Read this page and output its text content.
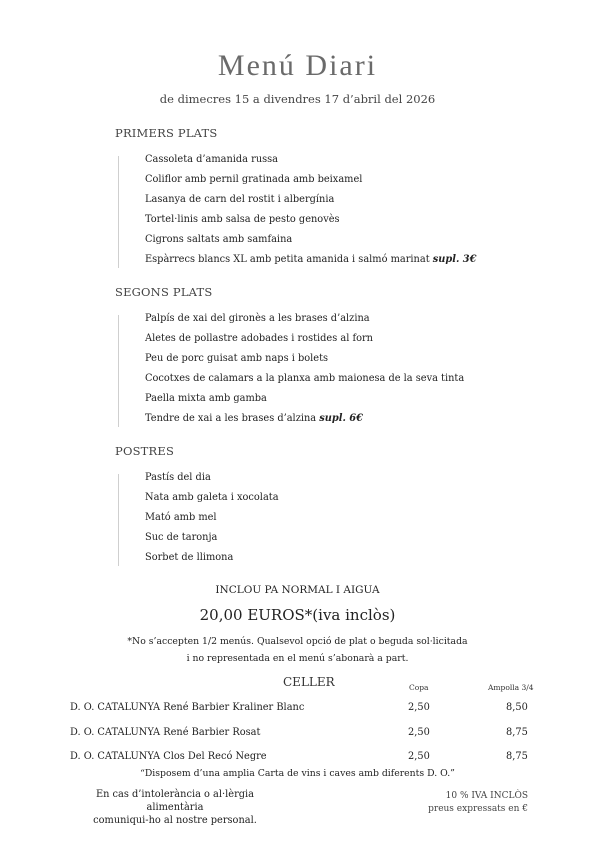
Menú Diari
de dimecres 15 a divendres 17 d’abril del 2026
PRIMERS PLATS
Cassoleta d’amanida russa
Coliflor amb pernil gratinada amb beixamel
Lasanya de carn del rostit i albergínia
Tortel·linis amb salsa de pesto genovès
Cigrons saltats amb samfaina
Espàrrecs blancs XL amb petita amanida i salmó marinat supl. 3€
SEGONS PLATS
Palpís de xai del gironès a les brases d’alzina
Aletes de pollastre adobades i rostides al forn
Peu de porc guisat amb naps i bolets
Cocotxes de calamars a la planxa amb maionesa de la seva tinta
Paella mixta amb gamba
Tendre de xai a les brases d’alzina supl. 6€
POSTRES
Pastís del dia
Nata amb galeta i xocolata
Mató amb mel
Suc de taronja
Sorbet de llimona
INCLOU PA NORMAL I AIGUA
20,00 EUROS*(iva inclòs)
*No s’accepten 1/2 menús. Qualsevol opció de plat o beguda sol·licitada
i no representada en el menú s’abonarà a part.
CELLER	Copa	Ampolla 3/4
D. O. CATALUNYA René Barbier Kraliner Blanc	2,50	8,50
D. O. CATALUNYA René Barbier Rosat	2,50	8,75
D. O. CATALUNYA Clos Del Recó Negre	2,50	8,75
“Disposem d’una amplia Carta de vins i caves amb diferents D. O.”
En cas d’intolerància o al·lèrgia alimentària
comuniqui-ho al nostre personal.
10 % IVA INCLÒS
preus expressats en €
